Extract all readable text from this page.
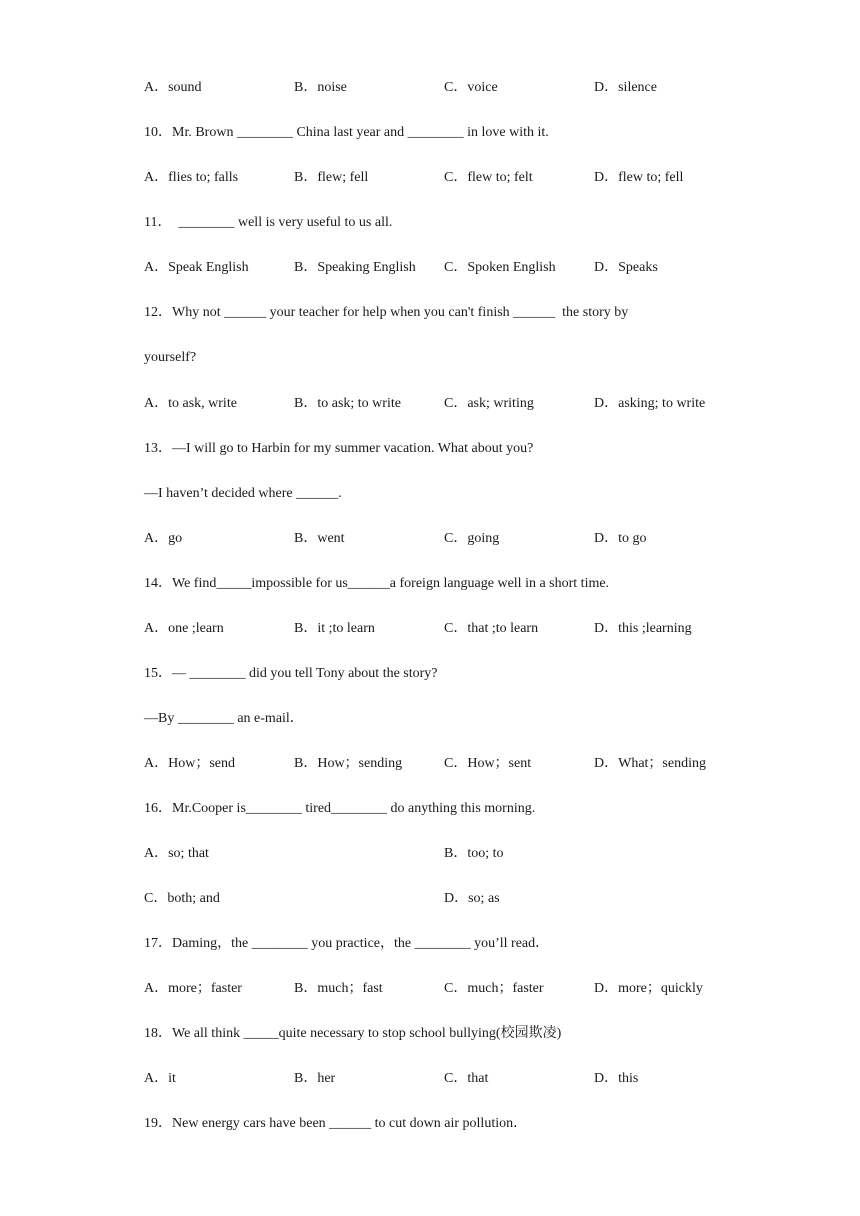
A．sound	B．noise	C．voice	D．silence
10．Mr. Brown ________ China last year and ________ in love with it.
A．flies to; falls	B．flew; fell	C．flew to; felt	D．flew to; fell
11．  ________ well is very useful to us all.
A．Speak English	B．Speaking English C．Spoken English	D．Speaks
12．Why not ______ your teacher for help when you can't finish ______  the story by
yourself?
A．to ask, write	B．to ask; to write	C．ask; writing	D．asking; to write
13．—I will go to Harbin for my summer vacation. What about you?
—I haven’t decided where ______.
A．go	B．went	C．going	D．to go
14．We find_____impossible for us______a foreign language well in a short time.
A．one ;learn	B．it ;to learn	C．that ;to learn	D．this ;learning
15．— ________ did you tell Tony about the story?
—By ________ an e-mail．
A．How；send	B．How；sending	C．How；sent	D．What；sending
16．Mr.Cooper is________ tired________ do anything this morning.
A．so; that	B．too; to
C．both; and	D．so; as
17．Daming，the ________ you practice，the ________ you’ll read．
A．more；faster	B．much；fast	C．much；faster	D．more；quickly
18．We all think _____quite necessary to stop school bullying(校园欺凌)
A．it	B．her	C．that	D．this
19．New energy cars have been ______ to cut down air pollution．
